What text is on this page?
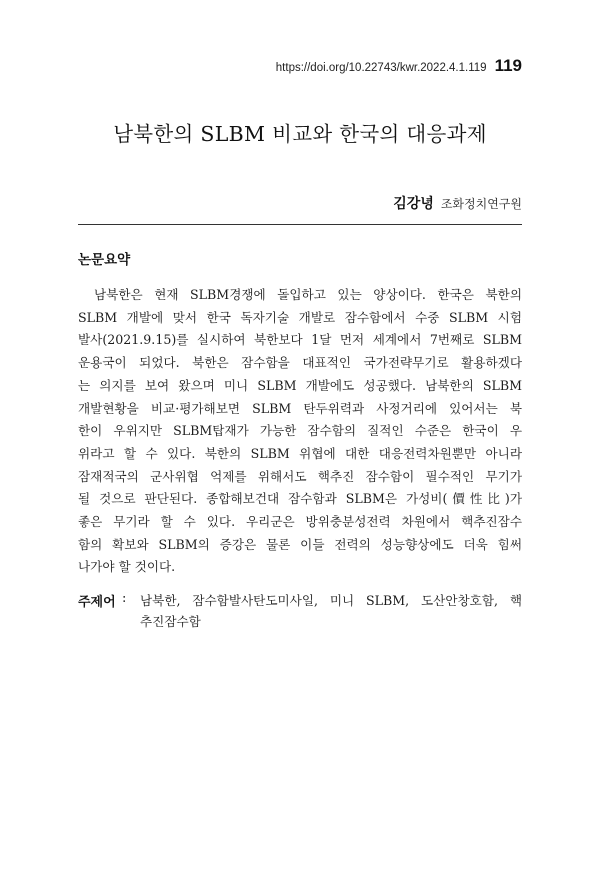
https://doi.org/10.22743/kwr.2022.4.1.119 119
남북한의 SLBM 비교와 한국의 대응과제
김강녕 조화정치연구원
논문요약
남북한은 현재 SLBM경쟁에 돌입하고 있는 양상이다. 한국은 북한의
SLBM 개발에 맞서 한국 독자기술 개발로 잠수함에서 수중 SLBM 시험
발사(2021.9.15)를 실시하여 북한보다 1달 먼저 세계에서 7번째로 SLBM
운용국이 되었다. 북한은 잠수함을 대표적인 국가전략무기로 활용하겠다
는 의지를 보여 왔으며 미니 SLBM 개발에도 성공했다. 남북한의 SLBM
개발현황을 비교·평가해보면 SLBM 탄두위력과 사정거리에 있어서는 북
한이 우위지만 SLBM탑재가 가능한 잠수함의 질적인 수준은 한국이 우
위라고 할 수 있다. 북한의 SLBM 위협에 대한 대응전력차원뿐만 아니라
잠재적국의 군사위협 억제를 위해서도 핵추진 잠수함이 필수적인 무기가
될 것으로 판단된다. 종합해보건대 잠수함과 SLBM은 가성비(價性比)가
좋은 무기라 할 수 있다. 우리군은 방위충분성전력 차원에서 핵추진잠수
함의 확보와 SLBM의 증강은 물론 이들 전력의 성능향상에도 더욱 힘써
나가야 할 것이다.
주제어 : 남북한, 잠수함발사탄도미사일, 미니 SLBM, 도산안창호함, 핵
추진잠수함
